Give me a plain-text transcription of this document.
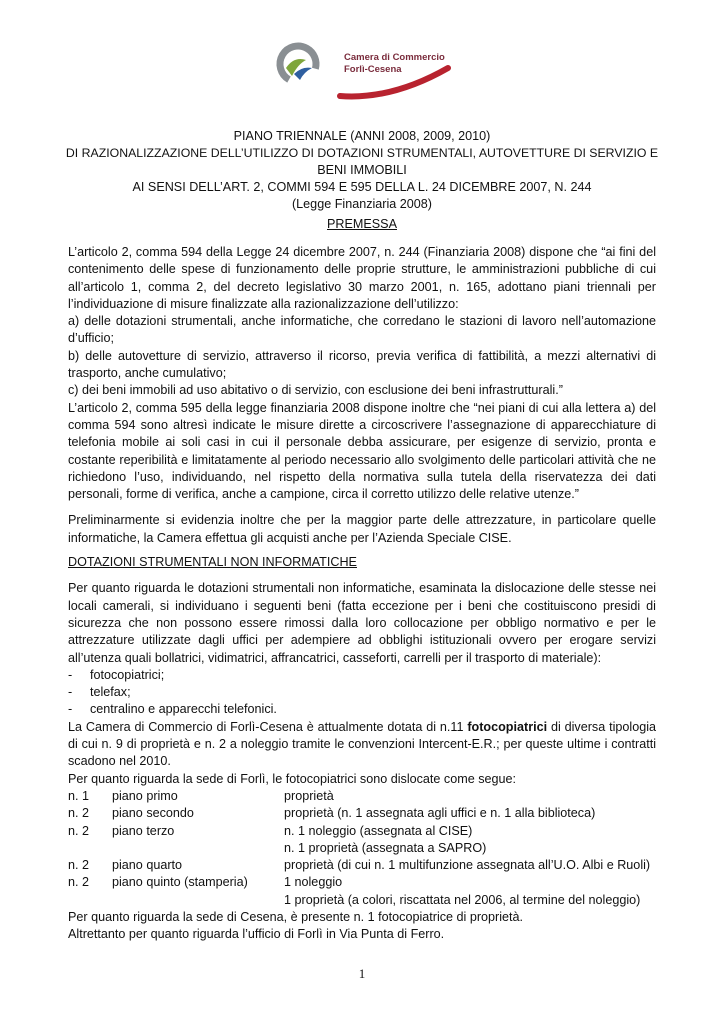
Camera di Commercio
Forlì-Cesena
PIANO TRIENNALE (ANNI 2008, 2009, 2010)
DI RAZIONALIZZAZIONE DELL’UTILIZZO DI DOTAZIONI STRUMENTALI, AUTOVETTURE DI SERVIZIO E
BENI IMMOBILI
AI SENSI DELL’ART. 2, COMMI 594 E 595 DELLA L. 24 DICEMBRE 2007, N. 244
(Legge Finanziaria 2008)
PREMESSA

L’articolo 2, comma 594 della Legge 24 dicembre 2007, n. 244 (Finanziaria 2008) dispone che “ai fini del contenimento delle spese di funzionamento delle proprie strutture, le amministrazioni pubbliche di cui all’articolo 1, comma 2, del decreto legislativo 30 marzo 2001, n. 165, adottano piani triennali per l’individuazione di misure finalizzate alla razionalizzazione dell’utilizzo:

a) delle dotazioni strumentali, anche informatiche, che corredano le stazioni di lavoro nell’automazione d’ufficio;

b) delle autovetture di servizio, attraverso il ricorso, previa verifica di fattibilità, a mezzi alternativi di trasporto, anche cumulativo;

c) dei beni immobili ad uso abitativo o di servizio, con esclusione dei beni infrastrutturali.”

L’articolo 2, comma 595 della legge finanziaria 2008 dispone inoltre che “nei piani di cui alla lettera a) del comma 594 sono altresì indicate le misure dirette a circoscrivere l’assegnazione di apparecchiature di telefonia mobile ai soli casi in cui il personale debba assicurare, per esigenze di servizio, pronta e costante reperibilità e limitatamente al periodo necessario allo svolgimento delle particolari attività che ne richiedono l’uso, individuando, nel rispetto della normativa sulla tutela della riservatezza dei dati personali, forme di verifica, anche a campione, circa il corretto utilizzo delle relative utenze.”

Preliminarmente si evidenzia inoltre che per la maggior parte delle attrezzature, in particolare quelle informatiche, la Camera effettua gli acquisti anche per l’Azienda Speciale CISE.

DOTAZIONI STRUMENTALI NON INFORMATICHE

Per quanto riguarda le dotazioni strumentali non informatiche, esaminata la dislocazione delle stesse nei locali camerali, si individuano i seguenti beni (fatta eccezione per i beni che costituiscono presidi di sicurezza che non possono essere rimossi dalla loro collocazione per obbligo normativo e per le attrezzature utilizzate dagli uffici per adempiere ad obblighi istituzionali ovvero per erogare servizi all’utenza quali bollatrici, vidimatrici, affrancatrici, casseforti, carrelli per il trasporto di materiale):

-	fotocopiatrici;
-	telefax;
-	centralino e apparecchi telefonici.

La Camera di Commercio di Forlì-Cesena è attualmente dotata di n.11 fotocopiatrici di diversa tipologia di cui n. 9 di proprietà e n. 2 a noleggio tramite le convenzioni Intercent-E.R.; per queste ultime i contratti scadono nel 2010.

Per quanto riguarda la sede di Forlì, le fotocopiatrici sono dislocate come segue:

n. 1	piano primo	proprietà
n. 2	piano secondo	proprietà (n. 1 assegnata agli uffici e n. 1 alla biblioteca)
n. 2	piano terzo	n. 1 noleggio (assegnata al CISE)
n. 1 proprietà (assegnata a SAPRO)
n. 2	piano quarto	proprietà (di cui n. 1 multifunzione assegnata all’U.O. Albi e Ruoli)
n. 2	piano quinto (stamperia)	1 noleggio
1 proprietà (a colori, riscattata nel 2006, al termine del noleggio)

Per quanto riguarda la sede di Cesena, è presente n. 1 fotocopiatrice di proprietà.

Altrettanto per quanto riguarda l’ufficio di Forlì in Via Punta di Ferro.

1
